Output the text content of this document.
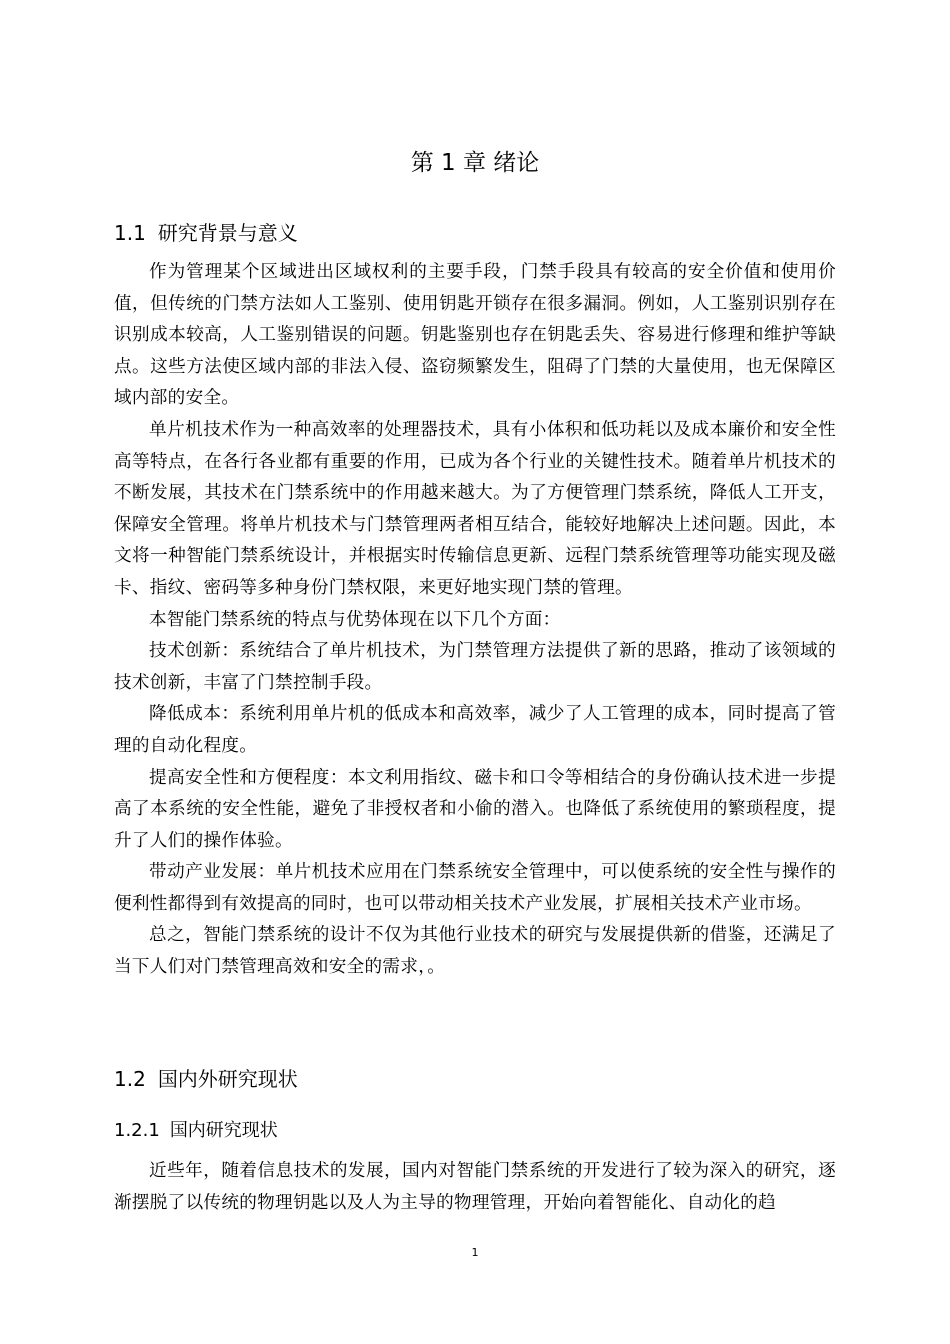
第 1 章 绪论
1.1 研究背景与意义

作为管理某个区域进出区域权利的主要手段，门禁手段具有较高的安全价值和使用价值，但传统的门禁方法如人工鉴别、使用钥匙开锁存在很多漏洞。例如，人工鉴别识别存在识别成本较高，人工鉴别错误的问题。钥匙鉴别也存在钥匙丢失、容易进行修理和维护等缺点。这些方法使区域内部的非法入侵、盗窃频繁发生，阻碍了门禁的大量使用，也无保障区域内部的安全。

单片机技术作为一种高效率的处理器技术，具有小体积和低功耗以及成本廉价和安全性高等特点，在各行各业都有重要的作用，已成为各个行业的关键性技术。随着单片机技术的不断发展，其技术在门禁系统中的作用越来越大。为了方便管理门禁系统，降低人工开支，保障安全管理。将单片机技术与门禁管理两者相互结合，能较好地解决上述问题。因此，本文将一种智能门禁系统设计，并根据实时传输信息更新、远程门禁系统管理等功能实现及磁卡、指纹、密码等多种身份门禁权限，来更好地实现门禁的管理。

本智能门禁系统的特点与优势体现在以下几个方面：

技术创新：系统结合了单片机技术，为门禁管理方法提供了新的思路，推动了该领域的技术创新，丰富了门禁控制手段。

降低成本：系统利用单片机的低成本和高效率，减少了人工管理的成本，同时提高了管理的自动化程度。

提高安全性和方便程度：本文利用指纹、磁卡和口令等相结合的身份确认技术进一步提高了本系统的安全性能，避免了非授权者和小偷的潜入。也降低了系统使用的繁琐程度，提升了人们的操作体验。

带动产业发展：单片机技术应用在门禁系统安全管理中，可以使系统的安全性与操作的便利性都得到有效提高的同时，也可以带动相关技术产业发展，扩展相关技术产业市场。

总之，智能门禁系统的设计不仅为其他行业技术的研究与发展提供新的借鉴，还满足了当下人们对门禁管理高效和安全的需求，。

1.2 国内外研究现状
1.2.1 国内研究现状

近些年，随着信息技术的发展，国内对智能门禁系统的开发进行了较为深入的研究，逐渐摆脱了以传统的物理钥匙以及人为主导的物理管理，开始向着智能化、自动化的趋

1
